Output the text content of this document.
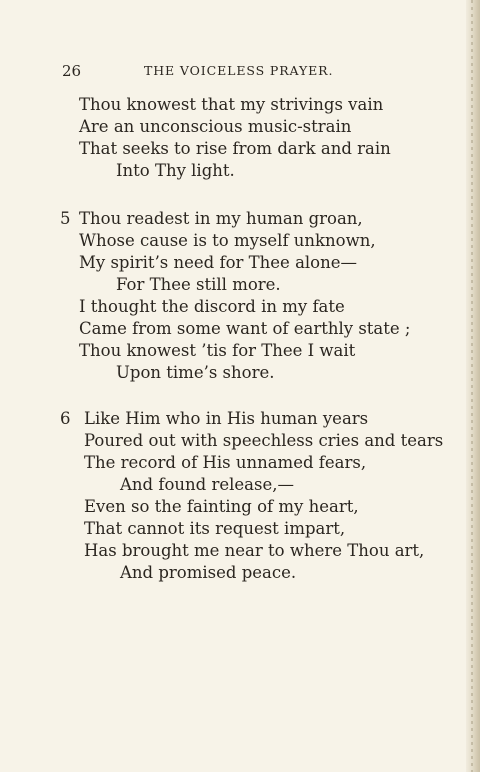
26	THE VOICELESS PRAYER.
Thou knowest that my strivings vain
Are an unconscious music-strain
That seeks to rise from dark and rain
Into Thy light.
5 Thou readest in my human groan,
Whose cause is to myself unknown,
My spirit’s need for Thee alone—
For Thee still more.
I thought the discord in my fate
Came from some want of earthly state ;
Thou knowest ’tis for Thee I wait
Upon time’s shore.
6 Like Him who in His human years
Poured out with speechless cries and tears
The record of His unnamed fears,
And found release,—
Even so the fainting of my heart,
That cannot its request impart,
Has brought me near to where Thou art,
And promised peace.
